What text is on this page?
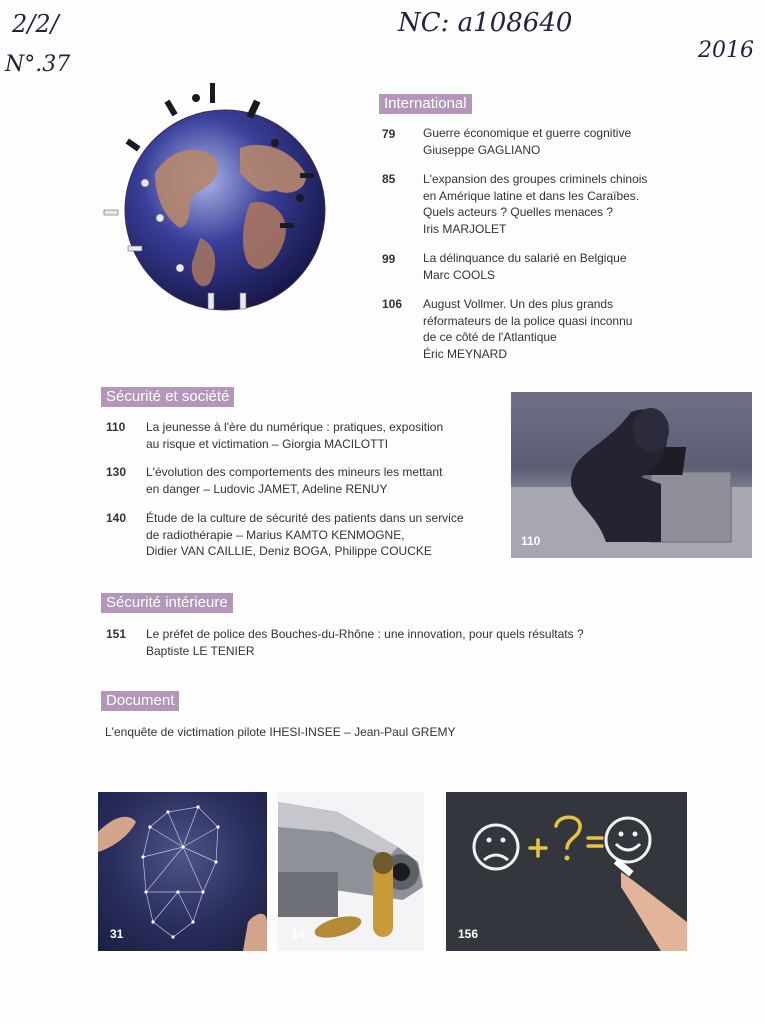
2/2/
N°.37
NC: a108640
2016
International
79 Guerre économique et guerre cognitive
Giuseppe GAGLIANO
85 L'expansion des groupes criminels chinois
en Amérique latine et dans les Caraïbes.
Quels acteurs ? Quelles menaces ?
Iris MARJOLET
99 La délinquance du salarié en Belgique
Marc COOLS
106 August Vollmer. Un des plus grands
réformateurs de la police quasi inconnu
de ce côté de l'Atlantique
Éric MEYNARD
Sécurité et société
110 La jeunesse à l'ère du numérique : pratiques, exposition
au risque et victimation – Giorgia MACILOTTI
130 L'évolution des comportements des mineurs les mettant
en danger – Ludovic JAMET, Adeline RENUY
140 Étude de la culture de sécurité des patients dans un service
de radiothérapie – Marius KAMTO KENMOGNE,
Didier VAN CAILLIE, Deniz BOGA, Philippe COUCKE
110
Sécurité intérieure
151 Le préfet de police des Bouches-du-Rhône : une innovation, pour quels résultats ?
Baptiste LE TENIER
Document
L'enquête de victimation pilote IHESI-INSEE – Jean-Paul GREMY
31	14	156
